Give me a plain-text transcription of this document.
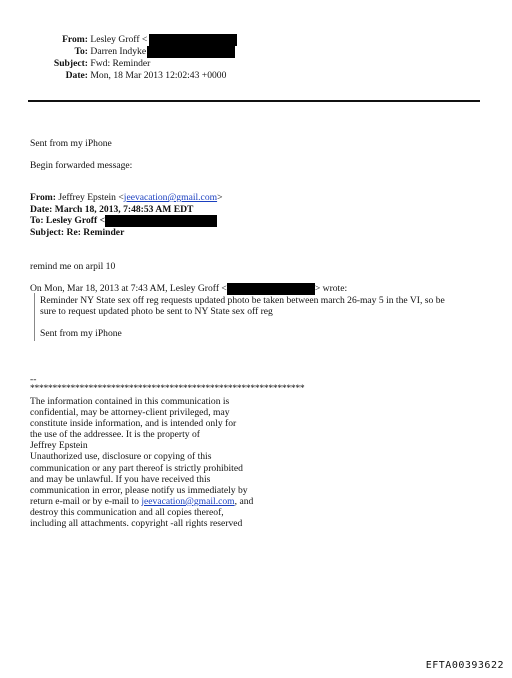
From: Lesley Groff <
To: Darren Indyke
Subject: Fwd: Reminder
Date: Mon, 18 Mar 2013 12:02:43 +0000
Sent from my iPhone
Begin forwarded message:
From: Jeffrey Epstein <jeevacation@gmail.com>
Date: March 18, 2013, 7:48:53 AM EDT
To: Lesley Groff <
Subject: Re: Reminder
remind me on arpil 10
On Mon, Mar 18, 2013 at 7:43 AM, Lesley Groff <	> wrote:
Reminder NY State sex off reg requests updated photo be taken between march 26-may 5 in the VI, so be
sure to request updated photo be sent to NY State sex off reg
Sent from my iPhone
--
*************************************************************
The information contained in this communication is
confidential, may be attorney-client privileged, may
constitute inside information, and is intended only for
the use of the addressee. It is the property of
Jeffrey Epstein
Unauthorized use, disclosure or copying of this
communication or any part thereof is strictly prohibited
and may be unlawful. If you have received this
communication in error, please notify us immediately by
return e-mail or by e-mail to jeevacation@gmail.com, and
destroy this communication and all copies thereof,
including all attachments. copyright -all rights reserved
EFTA00393622
